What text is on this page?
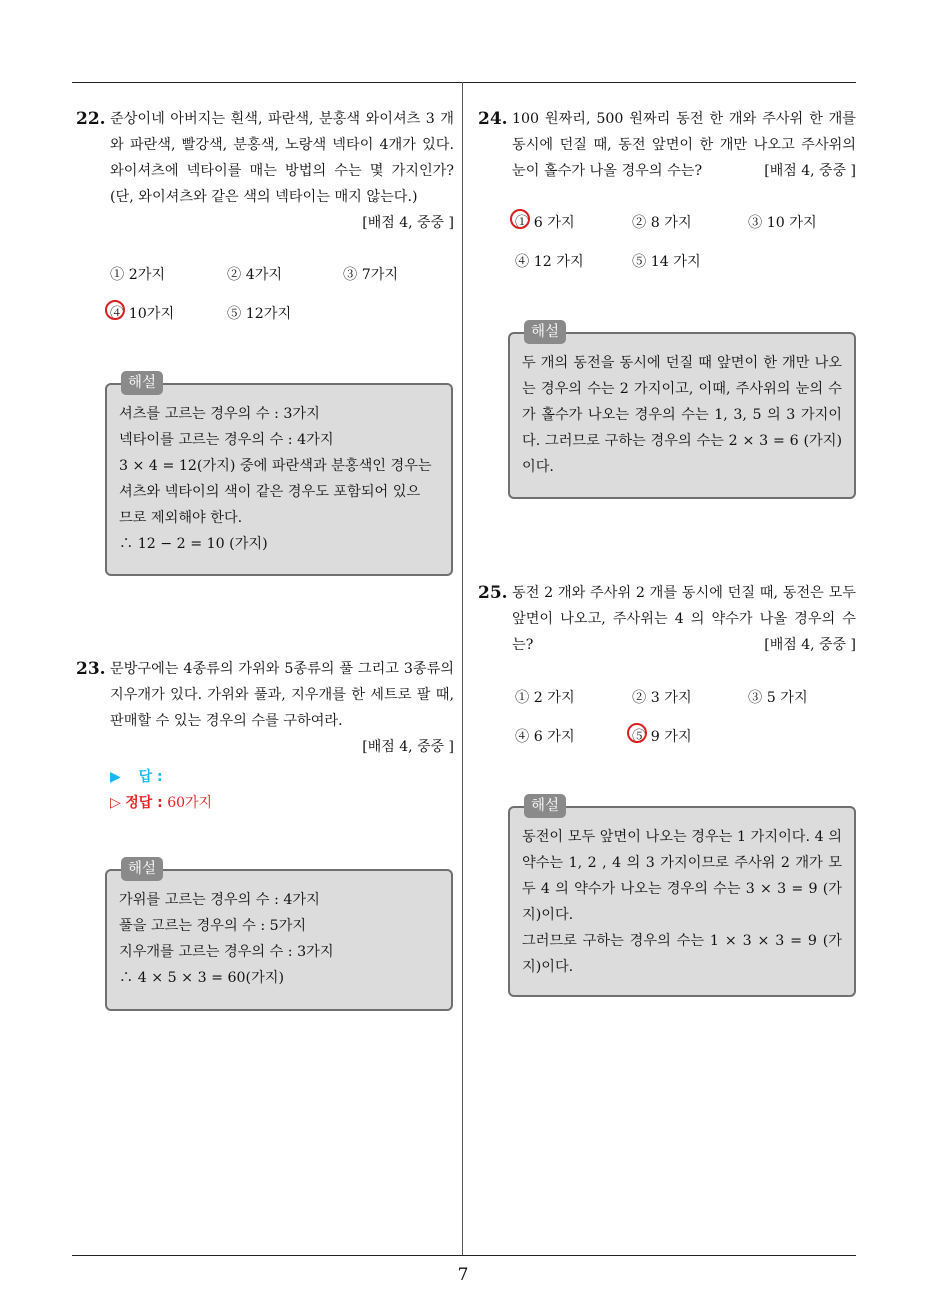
7
22. 준상이네 아버지는 흰색, 파란색, 분홍색 와이셔츠 3 개와 파란색, 빨강색, 분홍색, 노랑색 넥타이 4개가 있다. 와이셔츠에 넥타이를 매는 방법의 수는 몇 가지인가?(단, 와이셔츠와 같은 색의 넥타이는 매지 않는다.)
[배점 4, 중중 ]
① 2가지	② 4가지	③ 7가지
④ 10가지	⑤ 12가지
해설
셔츠를 고르는 경우의 수 : 3가지
넥타이를 고르는 경우의 수 : 4가지
3 × 4 = 12(가지) 중에 파란색과 분홍색인 경우는
셔츠와 넥타이의 색이 같은 경우도 포함되어 있으
므로 제외해야 한다.
∴ 12 − 2 = 10 (가지)
23. 문방구에는 4종류의 가위와 5종류의 풀 그리고 3종류의 지우개가 있다. 가위와 풀과, 지우개를 한 세트로 팔 때, 판매할 수 있는 경우의 수를 구하여라.
[배점 4, 중중 ]
▶ 답 :
▷ 정답 : 60가지
해설
가위를 고르는 경우의 수 : 4가지
풀을 고르는 경우의 수 : 5가지
지우개를 고르는 경우의 수 : 3가지
∴ 4 × 5 × 3 = 60(가지)
24. 100 원짜리, 500 원짜리 동전 한 개와 주사위 한 개를 동시에 던질 때, 동전 앞면이 한 개만 나오고 주사위의 눈이 홀수가 나올 경우의 수는?	[배점 4, 중중 ]
① 6 가지	② 8 가지	③ 10 가지
④ 12 가지	⑤ 14 가지
해설
두 개의 동전을 동시에 던질 때 앞면이 한 개만 나오는 경우의 수는 2 가지이고, 이때, 주사위의 눈의 수가 홀수가 나오는 경우의 수는 1, 3, 5 의 3 가지이다. 그러므로 구하는 경우의 수는 2 × 3 = 6 (가지)이다.
25. 동전 2 개와 주사위 2 개를 동시에 던질 때, 동전은 모두 앞면이 나오고, 주사위는 4 의 약수가 나올 경우의 수는?	[배점 4, 중중 ]
① 2 가지	② 3 가지	③ 5 가지
④ 6 가지	⑤ 9 가지
해설
동전이 모두 앞면이 나오는 경우는 1 가지이다. 4 의 약수는 1, 2 , 4 의 3 가지이므로 주사위 2 개가 모두 4 의 약수가 나오는 경우의 수는 3 × 3 = 9 (가지)이다.
그러므로 구하는 경우의 수는 1 × 3 × 3 = 9 (가지)이다.
